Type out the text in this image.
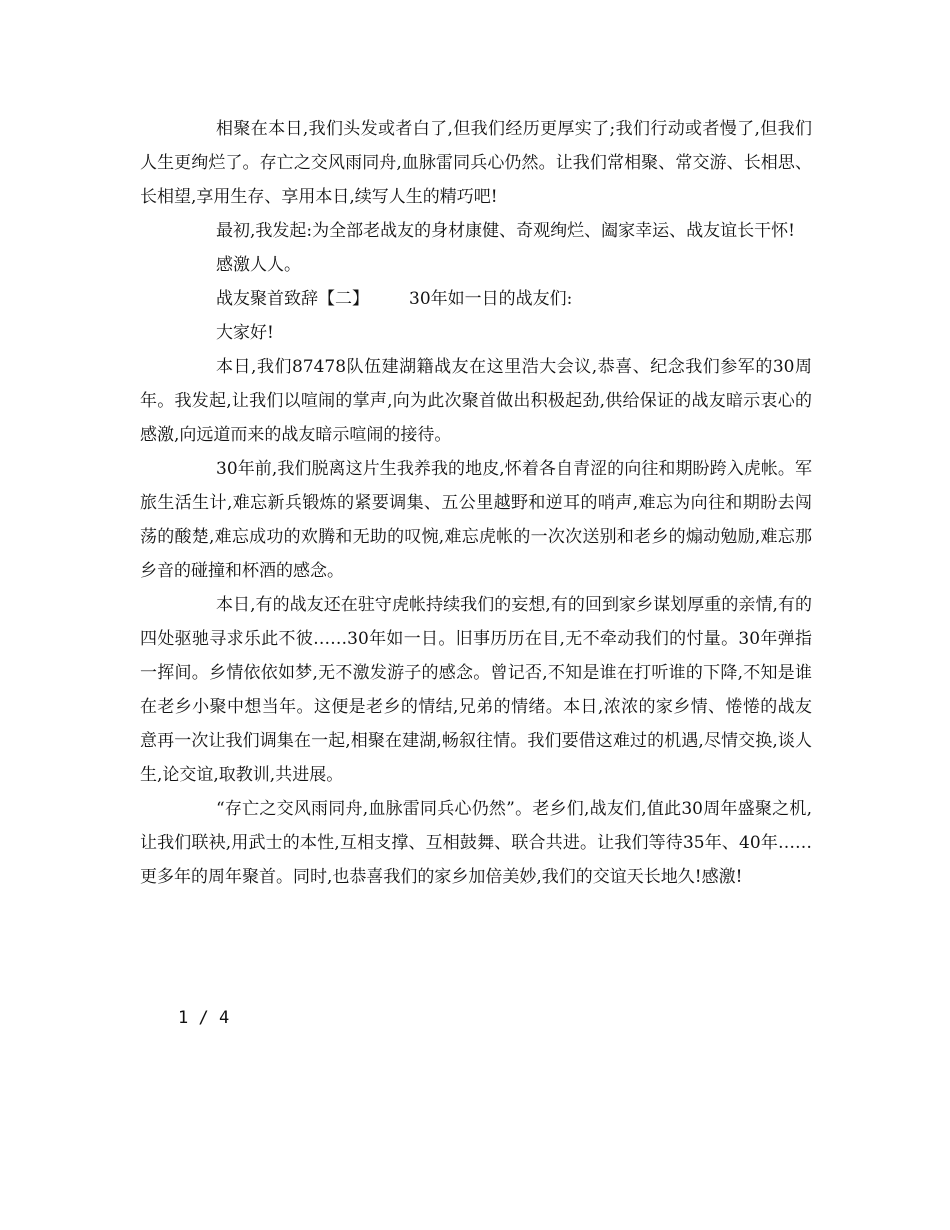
相聚在本日,我们头发或者白了,但我们经历更厚实了;我们行动或者慢了,但我们人生更绚烂了。存亡之交风雨同舟,血脉雷同兵心仍然。让我们常相聚、常交游、长相思、长相望,享用生存、享用本日,续写人生的精巧吧!

最初,我发起:为全部老战友的身材康健、奇观绚烂、阖家幸运、战友谊长干怀!

感激人人。

战友聚首致辞【二】 30年如一日的战友们:

大家好!

本日,我们87478队伍建湖籍战友在这里浩大会议,恭喜、纪念我们参军的30周年。我发起,让我们以喧闹的掌声,向为此次聚首做出积极起劲,供给保证的战友暗示衷心的感激,向远道而来的战友暗示喧闹的接待。

30年前,我们脱离这片生我养我的地皮,怀着各自青涩的向往和期盼跨入虎帐。军旅生活生计,难忘新兵锻炼的紧要调集、五公里越野和逆耳的哨声,难忘为向往和期盼去闯荡的酸楚,难忘成功的欢腾和无助的叹惋,难忘虎帐的一次次送别和老乡的煽动勉励,难忘那乡音的碰撞和杯酒的感念。

本日,有的战友还在驻守虎帐持续我们的妄想,有的回到家乡谋划厚重的亲情,有的四处驱驰寻求乐此不彼……30年如一日。旧事历历在目,无不牵动我们的忖量。30年弹指一挥间。乡情依依如梦,无不激发游子的感念。曾记否,不知是谁在打听谁的下降,不知是谁在老乡小聚中想当年。这便是老乡的情结,兄弟的情绪。本日,浓浓的家乡情、惓惓的战友意再一次让我们调集在一起,相聚在建湖,畅叙往情。我们要借这难过的机遇,尽情交换,谈人生,论交谊,取教训,共进展。

“存亡之交风雨同舟,血脉雷同兵心仍然”。老乡们,战友们,值此30周年盛聚之机,让我们联袂,用武士的本性,互相支撑、互相鼓舞、联合共进。让我们等待35年、40年……更多年的周年聚首。同时,也恭喜我们的家乡加倍美妙,我们的交谊天长地久!感激!

1 / 4
